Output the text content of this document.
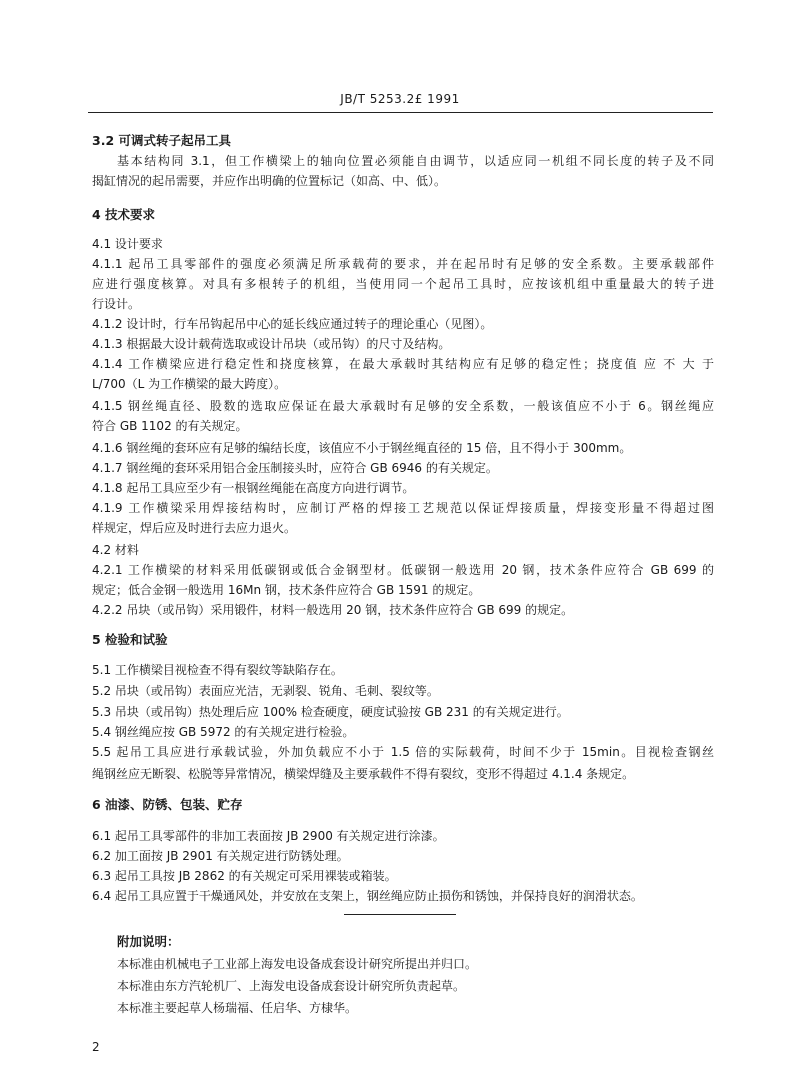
JB/T 5253.2£ 1991
3.2 可调式转子起吊工具
基本结构同 3.1，但工作横梁上的轴向位置必须能自由调节，以适应同一机组不同长度的转子及不同
揭缸情况的起吊需要，并应作出明确的位置标记（如高、中、低）。
4 技术要求
4.1 设计要求
4.1.1 起吊工具零部件的强度必须满足所承载荷的要求，并在起吊时有足够的安全系数。主要承载部件
应进行强度核算。对具有多根转子的机组，当使用同一个起吊工具时，应按该机组中重量最大的转子进
行设计。
4.1.2 设计时，行车吊钩起吊中心的延长线应通过转子的理论重心（见图）。
4.1.3 根据最大设计载荷选取或设计吊块（或吊钩）的尺寸及结构。
4.1.4 工作横梁应进行稳定性和挠度核算，在最大承载时其结构应有足够的稳定性；挠度值 应 不 大 于
L/700（L 为工作横梁的最大跨度）。
4.1.5 钢丝绳直径、股数的选取应保证在最大承载时有足够的安全系数，一般该值应不小于 6。钢丝绳应
符合 GB 1102 的有关规定。
4.1.6 钢丝绳的套环应有足够的编结长度，该值应不小于钢丝绳直径的 15 倍，且不得小于 300mm。
4.1.7 钢丝绳的套环采用铝合金压制接头时，应符合 GB 6946 的有关规定。
4.1.8 起吊工具应至少有一根钢丝绳能在高度方向进行调节。
4.1.9 工作横梁采用焊接结构时，应制订严格的焊接工艺规范以保证焊接质量，焊接变形量不得超过图
样规定，焊后应及时进行去应力退火。
4.2 材料
4.2.1 工作横梁的材料采用低碳钢或低合金钢型材。低碳钢一般选用 20 钢，技术条件应符合 GB 699 的
规定；低合金钢一般选用 16Mn 钢，技术条件应符合 GB 1591 的规定。
4.2.2 吊块（或吊钩）采用锻件，材料一般选用 20 钢，技术条件应符合 GB 699 的规定。
5 检验和试验
5.1 工作横梁目视检查不得有裂纹等缺陷存在。
5.2 吊块（或吊钩）表面应光洁，无剥裂、锐角、毛刺、裂纹等。
5.3 吊块（或吊钩）热处理后应 100% 检查硬度，硬度试验按 GB 231 的有关规定进行。
5.4 钢丝绳应按 GB 5972 的有关规定进行检验。
5.5 起吊工具应进行承载试验，外加负载应不小于 1.5 倍的实际载荷，时间不少于 15min。目视检查钢丝
绳钢丝应无断裂、松脱等异常情况，横梁焊缝及主要承载件不得有裂纹，变形不得超过 4.1.4 条规定。
6 油漆、防锈、包装、贮存
6.1 起吊工具零部件的非加工表面按 JB 2900 有关规定进行涂漆。
6.2 加工面按 JB 2901 有关规定进行防锈处理。
6.3 起吊工具按 JB 2862 的有关规定可采用裸装或箱装。
6.4 起吊工具应置于干燥通风处，并安放在支架上，钢丝绳应防止损伤和锈蚀，并保持良好的润滑状态。
附加说明：
本标准由机械电子工业部上海发电设备成套设计研究所提出并归口。
本标准由东方汽轮机厂、上海发电设备成套设计研究所负责起草。
本标准主要起草人杨瑞福、任启华、方棣华。
2
